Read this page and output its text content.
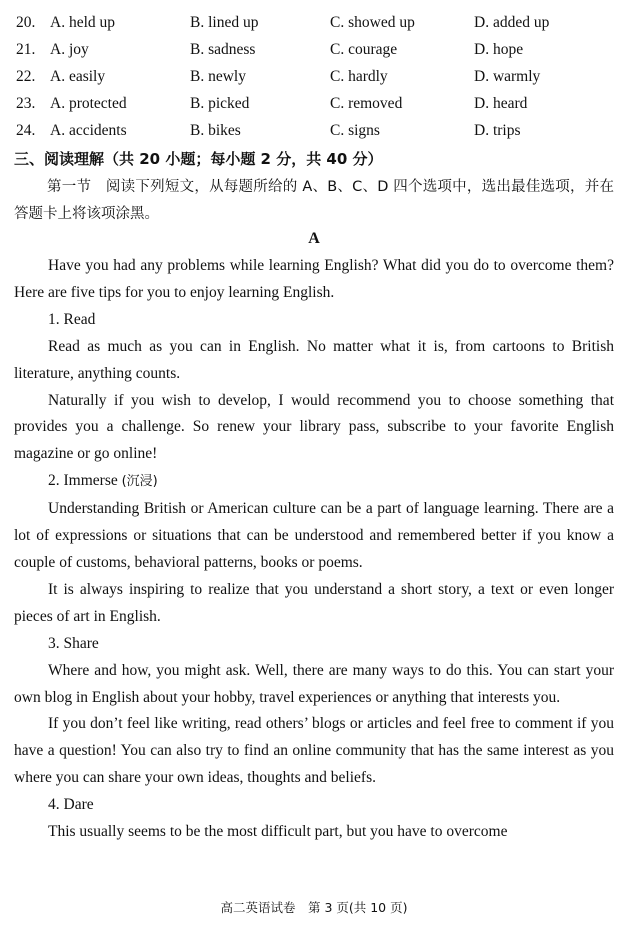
20. A. held up	B. lined up	C. showed up	D. added up
21. A. joy	B. sadness	C. courage	D. hope
22. A. easily	B. newly	C. hardly	D. warmly
23. A. protected	B. picked	C. removed	D. heard
24. A. accidents	B. bikes	C. signs	D. trips
三、阅读理解（共 20 小题；每小题 2 分，共 40 分）
第一节　阅读下列短文，从每题所给的 A、B、C、D 四个选项中，选出最佳选项，并在答题卡上将该项涂黑。
A

Have you had any problems while learning English? What did you do to overcome them? Here are five tips for you to enjoy learning English.

1. Read

Read as much as you can in English. No matter what it is, from cartoons to British literature, anything counts.

Naturally if you wish to develop, I would recommend you to choose something that provides you a challenge. So renew your library pass, subscribe to your favorite English magazine or go online!

2. Immerse (沉浸)

Understanding British or American culture can be a part of language learning. There are a lot of expressions or situations that can be understood and remembered better if you know a couple of customs, behavioral patterns, books or poems.

It is always inspiring to realize that you understand a short story, a text or even longer pieces of art in English.

3. Share

Where and how, you might ask. Well, there are many ways to do this. You can start your own blog in English about your hobby, travel experiences or anything that interests you.

If you don’t feel like writing, read others’ blogs or articles and feel free to comment if you have a question! You can also try to find an online community that has the same interest as you where you can share your own ideas, thoughts and beliefs.

4. Dare

This usually seems to be the most difficult part, but you have to overcome

高二英语试卷　第 3 页(共 10 页)
